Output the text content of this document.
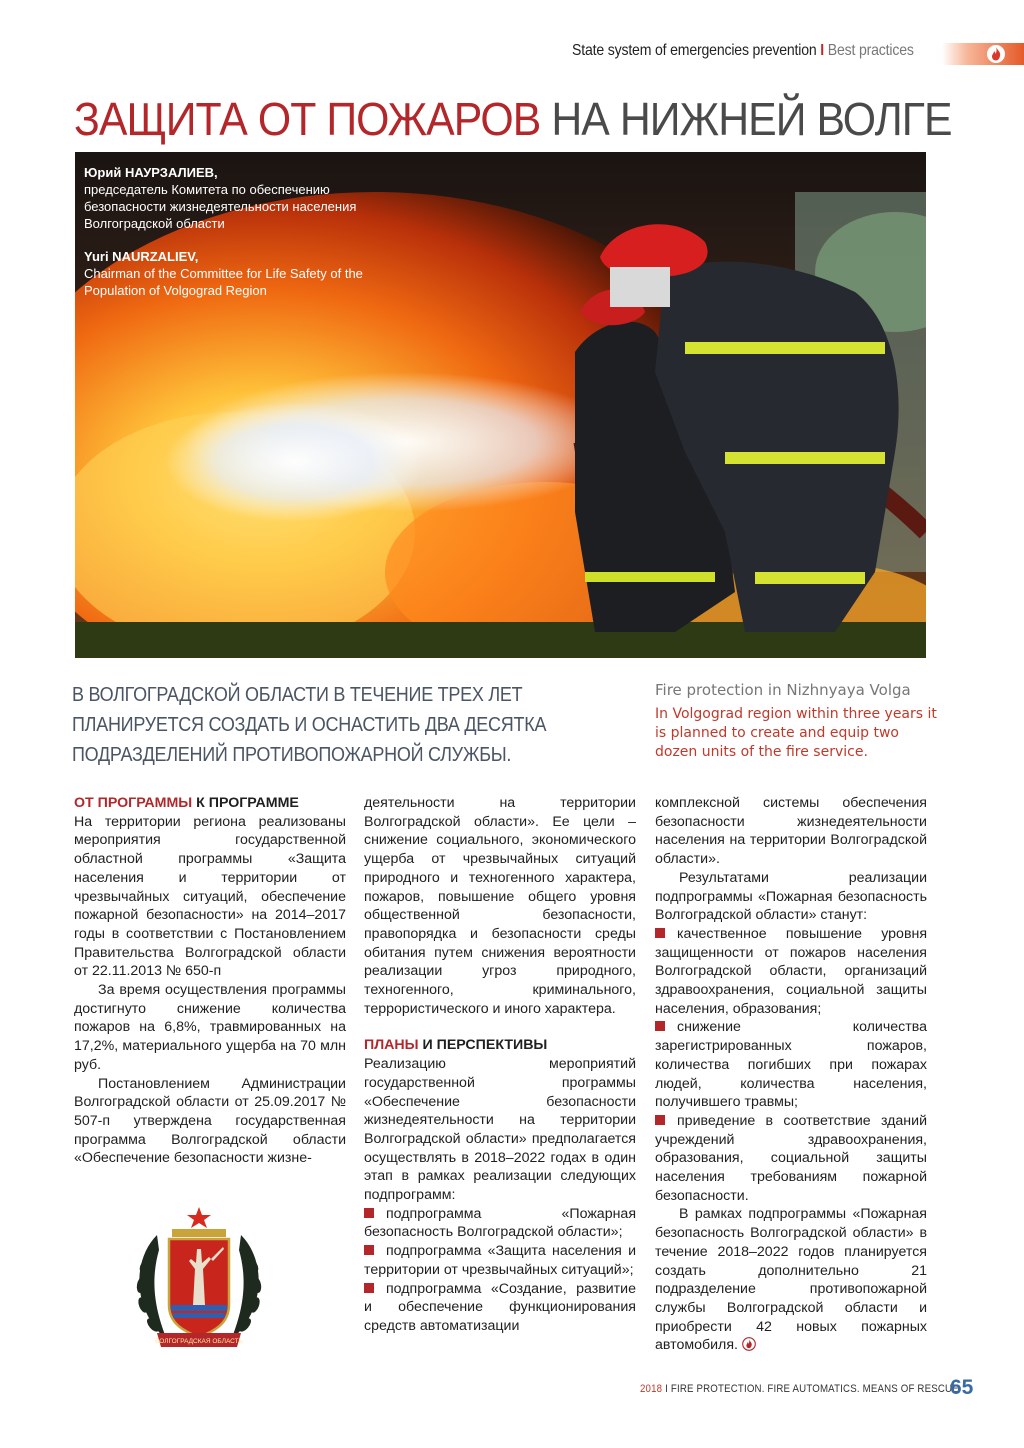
State system of emergencies prevention I Best practices
ЗАЩИТА ОТ ПОЖАРОВ НА НИЖНЕЙ ВОЛГЕ
Юрий НАУРЗАЛИЕВ,
председатель Комитета по обеспечению безопасности жизнедеятельности населения Волгоградской области
Yuri NAURZALIEV,
Chairman of the Committee for Life Safety of the Population of Volgograd Region
В ВОЛГОГРАДСКОЙ ОБЛАСТИ В ТЕЧЕНИЕ ТРЕХ ЛЕТ ПЛАНИРУЕТСЯ СОЗДАТЬ И ОСНАСТИТЬ ДВА ДЕСЯТКА ПОДРАЗДЕЛЕНИЙ ПРОТИВОПОЖАРНОЙ СЛУЖБЫ.
Fire protection in Nizhnyaya Volga
In Volgograd region within three years it is planned to create and equip two dozen units of the fire service.

ОТ ПРОГРАММЫ К ПРОГРАММЕ

На территории региона реализованы мероприятия государственной областной программы «Защита населения и территории от чрезвычайных ситуаций, обеспечение пожарной безопасности» на 2014–2017 годы в соответствии с Постановлением Правительства Волгоградской области от 22.11.2013 № 650-п

За время осуществления программы достигнуто снижение количества пожаров на 6,8%, травмированных на 17,2%, материального ущерба на 70 млн руб.

Постановлением Администрации Волгоградской области от 25.09.2017 № 507-п утверждена государственная программа Волгоградской области «Обеспечение безопасности жизне-

деятельности на территории Волгоградской области». Ее цели – снижение социального, экономического ущерба от чрезвычайных ситуаций природного и техногенного характера, пожаров, повышение общего уровня общественной безопасности, правопорядка и безопасности среды обитания путем снижения вероятности реализации угроз природного, техногенного, криминального, террористического и иного характера.

ПЛАНЫ И ПЕРСПЕКТИВЫ

Реализацию мероприятий государственной программы «Обеспечение безопасности жизнедеятельности на территории Волгоградской области» предполагается осуществлять в 2018–2022 годах в один этап в рамках реализации следующих подпрограмм:

подпрограмма «Пожарная безопасность Волгоградской области»;

подпрограмма «Защита населения и территории от чрезвычайных ситуаций»;

подпрограмма «Создание, развитие и обеспечение функционирования средств автоматизации

комплексной системы обеспечения безопасности жизнедеятельности населения на территории Волгоградской области».

Результатами реализации подпрограммы «Пожарная безопасность Волгоградской области» станут:

качественное повышение уровня защищенности от пожаров населения Волгоградской области, организаций здравоохранения, социальной защиты населения, образования;

снижение количества зарегистрированных пожаров, количества погибших при пожарах людей, количества населения, получившего травмы;

приведение в соответствие зданий учреждений здравоохранения, образования, социальной защиты населения требованиям пожарной безопасности.

В рамках подпрограммы «Пожарная безопасность Волгоградской области» в течение 2018–2022 годов планируется создать дополнительно 21 подразделение противопожарной службы Волгоградской области и приобрести 42 новых пожарных автомобиля.

ВОЛГОГРАДСКАЯ ОБЛАСТЬ
2018 I FIRE PROTECTION. FIRE AUTOMATICS. MEANS OF RESCUE
65
